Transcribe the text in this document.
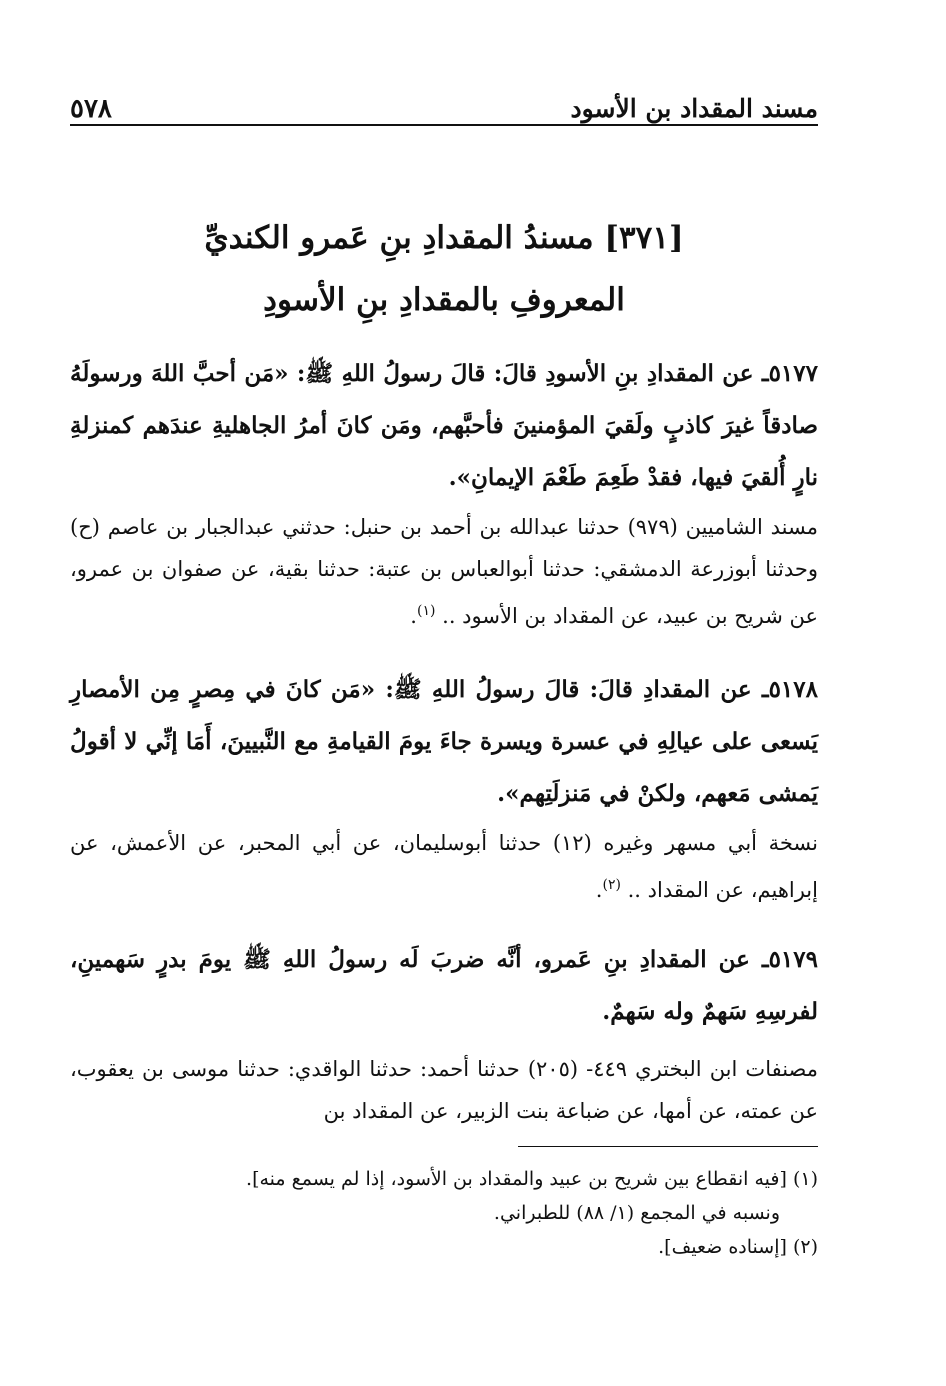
مسند المقداد بن الأسود
٥٧٨
[٣٧١] مسندُ المقدادِ بنِ عَمرو الكنديِّ
المعروفِ بالمقدادِ بنِ الأسودِ
٥١٧٧ـ عن المقدادِ بنِ الأسودِ قالَ: قالَ رسولُ اللهِ ﷺ: «مَن أحبَّ اللهَ ورسولَهُ صادقاً غيرَ كاذبٍ ولَقيَ المؤمنينَ فأحبَّهم، ومَن كانَ أمرُ الجاهليةِ عندَهم كمنزلةِ نارٍ أُلقيَ فيها، فقدْ طَعِمَ طَعْمَ الإيمانِ».
مسند الشاميين (٩٧٩) حدثنا عبدالله بن أحمد بن حنبل: حدثني عبدالجبار بن عاصم (ح) وحدثنا أبوزرعة الدمشقي: حدثنا أبوالعباس بن عتبة: حدثنا بقية، عن صفوان بن عمرو، عن شريح بن عبيد، عن المقداد بن الأسود .. $^{(١)}$.
٥١٧٨ـ عن المقدادِ قالَ: قالَ رسولُ اللهِ ﷺ: «مَن كانَ في مِصرٍ مِن الأمصارِ يَسعى على عيالِهِ في عسرة ويسرة جاءَ يومَ القيامةِ مع النَّبيينَ، أَمَا إنِّي لا أقولُ يَمشى مَعهم، ولكنْ في مَنزلَتِهم».
نسخة أبي مسهر وغيره (١٢) حدثنا أبوسليمان، عن أبي المحبر، عن الأعمش، عن إبراهيم، عن المقداد .. $^{(٢)}$.
٥١٧٩ـ عن المقدادِ بنِ عَمرو، أنَّه ضربَ لَه رسولُ اللهِ ﷺ يومَ بدرٍ سَهمينِ، لفرسِهِ سَهمٌ وله سَهمٌ.
مصنفات ابن البختري ٤٤٩- (٢٠٥) حدثنا أحمد: حدثنا الواقدي: حدثنا موسى بن يعقوب، عن عمته، عن أمها، عن ضباعة بنت الزبير، عن المقداد بن
(١) [فيه انقطاع بين شريح بن عبيد والمقداد بن الأسود، إذا لم يسمع منه].
ونسبه في المجمع (١/ ٨٨) للطبراني.
(٢) [إسناده ضعيف].
